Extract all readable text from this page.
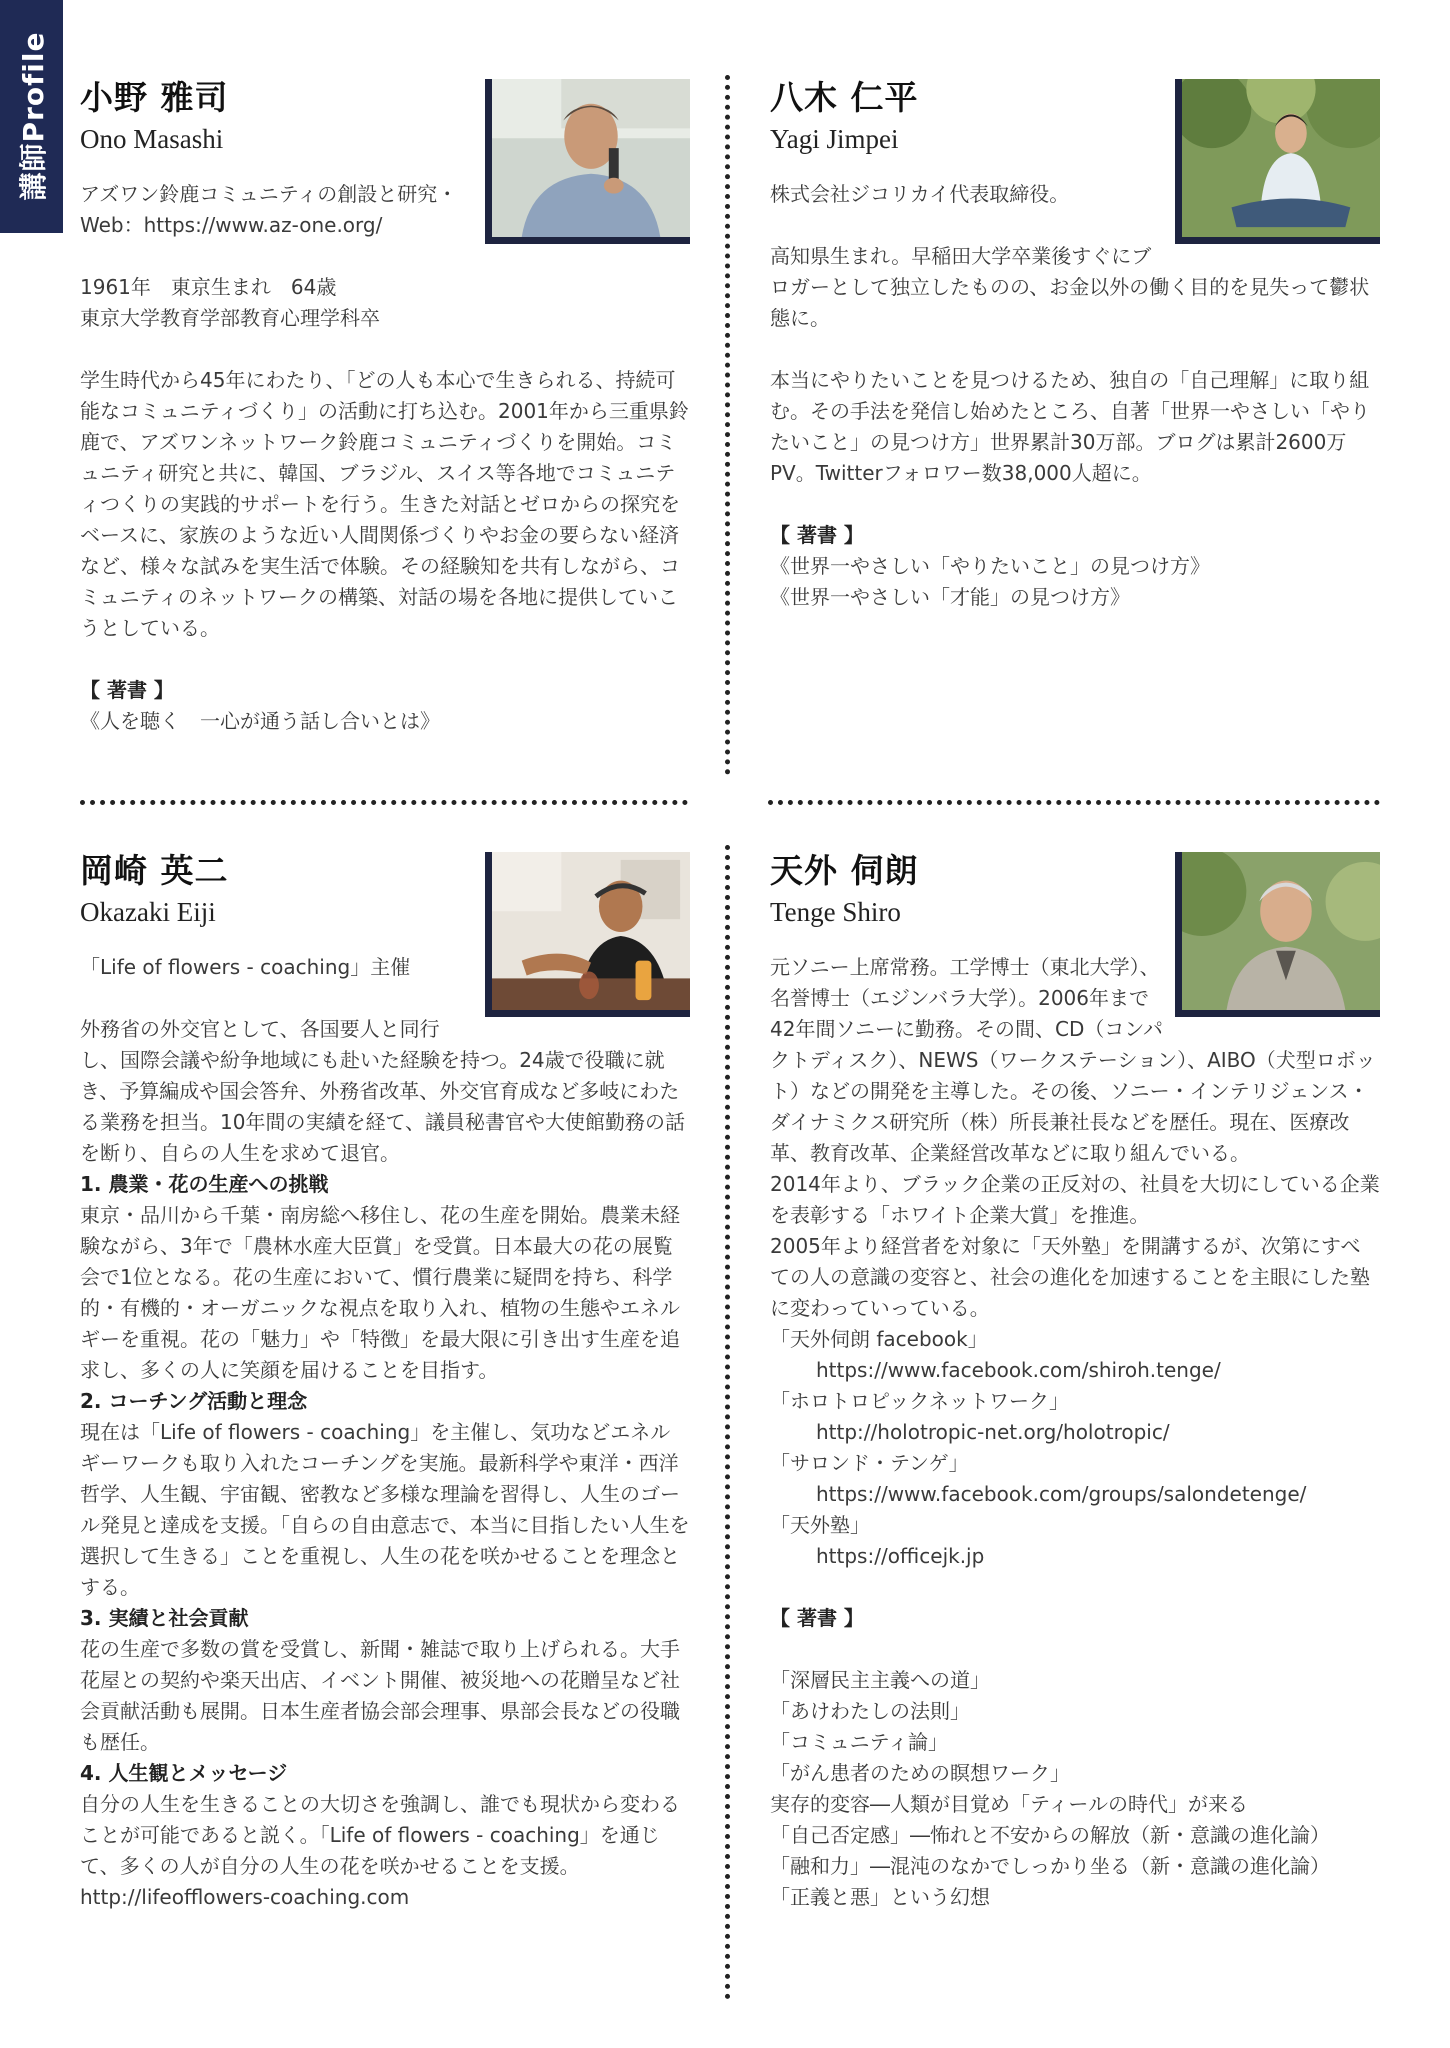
講師Profile 小野 雅司
Ono Masashi

アズワン鈴鹿コミュニティの創設と研究・

Web：https://www.az-one.org/

1961年　東京生まれ　64歳

東京大学教育学部教育心理学科卒

学生時代から45年にわたり、「どの人も本心で生きられる、持続可能なコミュニティづくり」の活動に打ち込む。2001年から三重県鈴鹿で、アズワンネットワーク鈴鹿コミュニティづくりを開始。コミュニティ研究と共に、韓国、ブラジル、スイス等各地でコミュニティつくりの実践的サポートを行う。生きた対話とゼロからの探究をベースに、家族のような近い人間関係づくりやお金の要らない経済など、様々な試みを実生活で体験。その経験知を共有しながら、コミュニティのネットワークの構築、対話の場を各地に提供していこうとしている。

【 著書 】

《人を聴く　一心が通う話し合いとは》

八木 仁平
Yagi Jimpei

株式会社ジコリカイ代表取締役。

高知県生まれ。早稲田大学卒業後すぐにブロガーとして独立したものの、お金以外の働く目的を見失って鬱状態に。

本当にやりたいことを見つけるため、独自の「自己理解」に取り組む。その手法を発信し始めたところ、自著「世界一やさしい「やりたいこと」の見つけ方」世界累計30万部。ブログは累計2600万PV。Twitterフォロワー数38,000人超に。

【 著書 】

《世界一やさしい「やりたいこと」の見つけ方》

《世界一やさしい「才能」の見つけ方》

岡崎 英二
Okazaki Eiji

「Life of flowers - coaching」主催

外務省の外交官として、各国要人と同行し、国際会議や紛争地域にも赴いた経験を持つ。24歳で役職に就き、予算編成や国会答弁、外務省改革、外交官育成など多岐にわたる業務を担当。10年間の実績を経て、議員秘書官や大使館勤務の話を断り、自らの人生を求めて退官。

1. 農業・花の生産への挑戦

東京・品川から千葉・南房総へ移住し、花の生産を開始。農業未経験ながら、3年で「農林水産大臣賞」を受賞。日本最大の花の展覧会で1位となる。花の生産において、慣行農業に疑問を持ち、科学的・有機的・オーガニックな視点を取り入れ、植物の生態やエネルギーを重視。花の「魅力」や「特徴」を最大限に引き出す生産を追求し、多くの人に笑顔を届けることを目指す。

2. コーチング活動と理念

現在は「Life of flowers - coaching」を主催し、気功などエネルギーワークも取り入れたコーチングを実施。最新科学や東洋・西洋哲学、人生観、宇宙観、密教など多様な理論を習得し、人生のゴール発見と達成を支援。「自らの自由意志で、本当に目指したい人生を選択して生きる」ことを重視し、人生の花を咲かせることを理念とする。

3. 実績と社会貢献

花の生産で多数の賞を受賞し、新聞・雑誌で取り上げられる。大手花屋との契約や楽天出店、イベント開催、被災地への花贈呈など社会貢献活動も展開。日本生産者協会部会理事、県部会長などの役職も歴任。

4. 人生観とメッセージ

自分の人生を生きることの大切さを強調し、誰でも現状から変わることが可能であると説く。「Life of flowers - coaching」を通じて、多くの人が自分の人生の花を咲かせることを支援。

http://lifeofflowers-coaching.com

天外 伺朗
Tenge Shiro

元ソニー上席常務。工学博士（東北大学）、名誉博士（エジンバラ大学）。2006年まで42年間ソニーに勤務。その間、CD（コンパクトディスク）、NEWS（ワークステーション）、AIBO（犬型ロボット）などの開発を主導した。その後、ソニー・インテリジェンス・ダイナミクス研究所（株）所長兼社長などを歴任。現在、医療改革、教育改革、企業経営改革などに取り組んでいる。

2014年より、ブラック企業の正反対の、社員を大切にしている企業を表彰する「ホワイト企業大賞」を推進。

2005年より経営者を対象に「天外塾」を開講するが、次第にすべての人の意識の変容と、社会の進化を加速することを主眼にした塾に変わっていっている。

「天外伺朗 facebook」

https://www.facebook.com/shiroh.tenge/

「ホロトロピックネットワーク」

http://holotropic-net.org/holotropic/

「サロンド・テンゲ」

https://www.facebook.com/groups/salondetenge/

「天外塾」

https://officejk.jp

【 著書 】

「深層民主主義への道」

「あけわたしの法則」

「コミュニティ論」

「がん患者のための瞑想ワーク」

実存的変容―人類が目覚め「ティールの時代」が来る

「自己否定感」―怖れと不安からの解放（新・意識の進化論）

「融和力」―混沌のなかでしっかり坐る（新・意識の進化論）

「正義と悪」という幻想
